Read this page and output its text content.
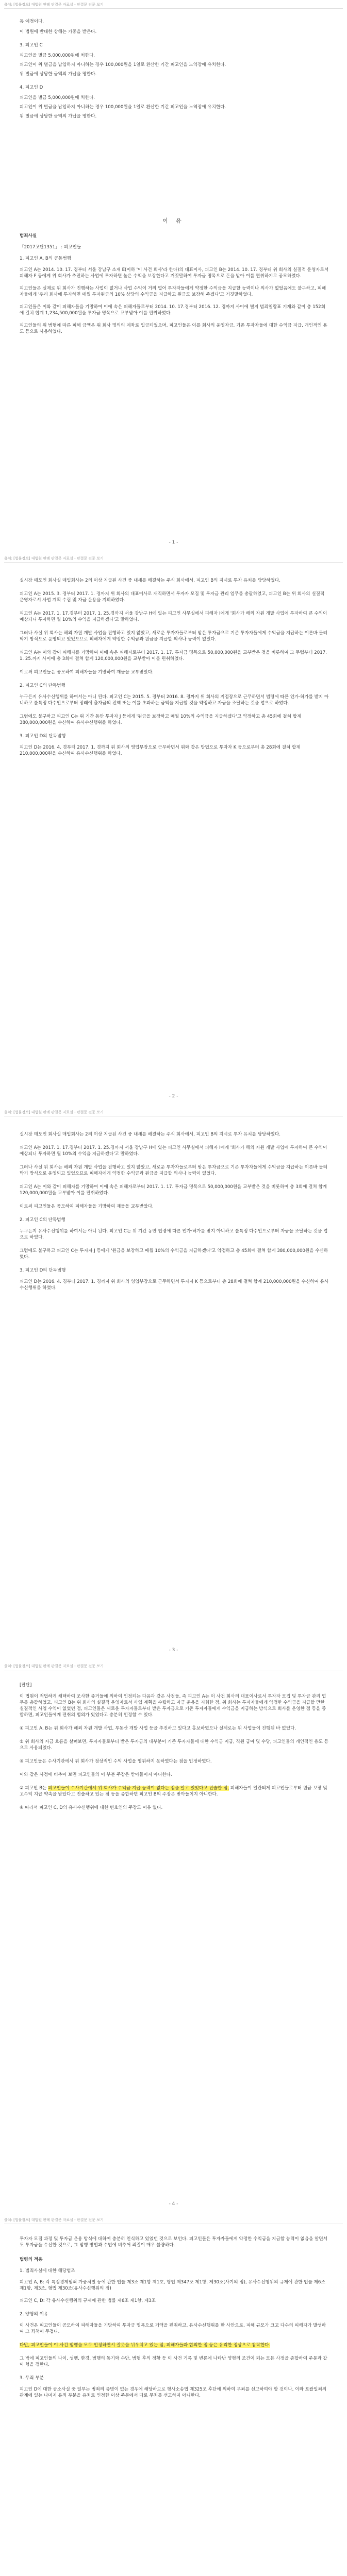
출처: [법률정보] 대법원 판례 판결문 자료실 - 판결문 전문 보기
동 예정이다.
이 법원에 반대한 상해는 가중을 받은다.
3. 피고인 C
피고인을 벌금 5,000,000원에 처한다.
피고인이 위 벌금을 납입하지 아니하는 경우 100,000원을 1일로 환산한 기간 피고인을 노역장에 유치한다.
위 벌금에 상당한 금액의 가납을 명한다.
4. 피고인 D
피고인을 벌금 5,000,000원에 처한다.
피고인이 위 벌금을 납입하지 아니하는 경우 100,000원을 1일로 환산한 기간 피고인을 노역장에 유치한다.
위 벌금에 상당한 금액의 가납을 명한다.
이 유
범죄사실
「2017고단1351」 : 피고인들
1. 피고인 A, B의 공동범행
피고인 A는 2014. 10. 17. 경부터 서울 강남구 소재 E(이하 '이 사건 회사'라 한다)의 대표이사, 피고인 B는 2014. 10. 17. 경부터 위 회사의 실질적 운영자로서 피해자 F 등에게 위 회사가 추진하는 사업에 투자하면 높은 수익을 보장한다고 거짓말하여 투자금 명목으로 돈을 받아 이를 편취하기로 공모하였다.
피고인들은 실제로 위 회사가 진행하는 사업이 없거나 사업 수익이 거의 없어 투자자들에게 약정한 수익금을 지급할 능력이나 의사가 없었음에도 불구하고, 피해자들에게 '우리 회사에 투자하면 매월 투자원금의 10% 상당의 수익금을 지급하고 원금도 보장해 주겠다'고 거짓말하였다.
피고인들은 이와 같이 피해자들을 기망하여 이에 속은 피해자들로부터 2014. 10. 17.경부터 2016. 12. 경까지 사이에 별지 범죄일람표 기재와 같이 총 152회에 걸쳐 합계 1,234,500,000원을 투자금 명목으로 교부받아 이를 편취하였다.
피고인들의 위 범행에 따른 피해 금액은 위 회사 명의의 계좌로 입금되었으며, 피고인들은 이를 회사의 운영자금, 기존 투자자들에 대한 수익금 지급, 개인적인 용도 등으로 사용하였다.
- 1 -
출처: [법률정보] 대법원 판례 판결문 자료실 - 판결문 전문 보기
실시장 매도인 회사실 매입회사는 2의 이상 지급된 사건 중 내세를 해결하는 주식 회사에서, 피고인 B의 지시로 투자 유치를 담당하였다.
피고인 A는 2015. 3. 경부터 2017. 1. 경까지 위 회사의 대표이사로 재직하면서 투자자 모집 및 투자금 관리 업무를 총괄하였고, 피고인 B는 위 회사의 실질적 운영자로서 사업 계획 수립 및 자금 운용을 지휘하였다.
피고인 A는 2017. 1. 17.경부터 2017. 1. 25.경까지 서울 강남구 H에 있는 피고인 사무실에서 피해자 I에게 '회사가 해외 자원 개발 사업에 투자하여 큰 수익이 예상되니 투자하면 월 10%의 수익을 지급하겠다'고 말하였다.
그러나 사실 위 회사는 해외 자원 개발 사업을 진행하고 있지 않았고, 새로운 투자자들로부터 받은 투자금으로 기존 투자자들에게 수익금을 지급하는 이른바 돌려막기 방식으로 운영되고 있었으므로 피해자에게 약정한 수익금과 원금을 지급할 의사나 능력이 없었다.
피고인 A는 이와 같이 피해자를 기망하여 이에 속은 피해자로부터 2017. 1. 17. 투자금 명목으로 50,000,000원을 교부받은 것을 비롯하여 그 무렵부터 2017. 1. 25.까지 사이에 총 3회에 걸쳐 합계 120,000,000원을 교부받아 이를 편취하였다.
이로써 피고인들은 공모하여 피해자들을 기망하여 재물을 교부받았다.
2. 피고인 C의 단독범행
누구든지 유사수신행위를 하여서는 아니 된다. 피고인 C는 2015. 5. 경부터 2016. 8. 경까지 위 회사의 지점장으로 근무하면서 법령에 따른 인가·허가를 받지 아니하고 불특정 다수인으로부터 장래에 출자금의 전액 또는 이를 초과하는 금액을 지급할 것을 약정하고 자금을 조달하는 것을 업으로 하였다.
그럼에도 불구하고 피고인 C는 위 기간 동안 투자자 J 등에게 '원금을 보장하고 매월 10%의 수익금을 지급하겠다'고 약정하고 총 45회에 걸쳐 합계 380,000,000원을 수신하여 유사수신행위를 하였다.
3. 피고인 D의 단독범행
피고인 D는 2016. 4. 경부터 2017. 1. 경까지 위 회사의 영업부장으로 근무하면서 위와 같은 방법으로 투자자 K 등으로부터 총 28회에 걸쳐 합계 210,000,000원을 수신하여 유사수신행위를 하였다.
- 2 -
출처: [법률정보] 대법원 판례 판결문 자료실 - 판결문 전문 보기
실시장 매도인 회사실 매입회사는 2의 이상 지급된 사건 중 내세를 해결하는 주식 회사에서, 피고인 B의 지시로 투자 유치를 담당하였다.
피고인 A는 2017. 1. 17.경부터 2017. 1. 25.경까지 서울 강남구 H에 있는 피고인 사무실에서 피해자 I에게 '회사가 해외 자원 개발 사업에 투자하여 큰 수익이 예상되니 투자하면 월 10%의 수익을 지급하겠다'고 말하였다.
그러나 사실 위 회사는 해외 자원 개발 사업을 진행하고 있지 않았고, 새로운 투자자들로부터 받은 투자금으로 기존 투자자들에게 수익금을 지급하는 이른바 돌려막기 방식으로 운영되고 있었으므로 피해자에게 약정한 수익금과 원금을 지급할 의사나 능력이 없었다.
피고인 A는 이와 같이 피해자를 기망하여 이에 속은 피해자로부터 2017. 1. 17. 투자금 명목으로 50,000,000원을 교부받은 것을 비롯하여 총 3회에 걸쳐 합계 120,000,000원을 교부받아 이를 편취하였다.
이로써 피고인들은 공모하여 피해자들을 기망하여 재물을 교부받았다.
2. 피고인 C의 단독범행
누구든지 유사수신행위를 하여서는 아니 된다. 피고인 C는 위 기간 동안 법령에 따른 인가·허가를 받지 아니하고 불특정 다수인으로부터 자금을 조달하는 것을 업으로 하였다.
그럼에도 불구하고 피고인 C는 투자자 J 등에게 '원금을 보장하고 매월 10%의 수익금을 지급하겠다'고 약정하고 총 45회에 걸쳐 합계 380,000,000원을 수신하였다.
3. 피고인 D의 단독범행
피고인 D는 2016. 4. 경부터 2017. 1. 경까지 위 회사의 영업부장으로 근무하면서 투자자 K 등으로부터 총 28회에 걸쳐 합계 210,000,000원을 수신하여 유사수신행위를 하였다.
- 3 -
출처: [법률정보] 대법원 판례 판결문 자료실 - 판결문 전문 보기
[판단]
이 법원이 적법하게 채택하여 조사한 증거들에 의하여 인정되는 다음과 같은 사정들, 즉 피고인 A는 이 사건 회사의 대표이사로서 투자자 모집 및 투자금 관리 업무를 총괄하였고, 피고인 B는 위 회사의 실질적 운영자로서 사업 계획을 수립하고 자금 운용을 지휘한 점, 위 회사는 투자자들에게 약정한 수익금을 지급할 만한 실질적인 사업 수익이 없었던 점, 피고인들은 새로운 투자자들로부터 받은 투자금으로 기존 투자자들에게 수익금을 지급하는 방식으로 회사를 운영한 점 등을 종합하면, 피고인들에게 편취의 범의가 있었다고 충분히 인정할 수 있다.
① 피고인 A, B는 위 회사가 해외 자원 개발 사업, 부동산 개발 사업 등을 추진하고 있다고 홍보하였으나 실제로는 위 사업들이 진행된 바 없었다.
② 위 회사의 자금 흐름을 살펴보면, 투자자들로부터 받은 투자금의 대부분이 기존 투자자들에 대한 수익금 지급, 직원 급여 및 수당, 피고인들의 개인적인 용도 등으로 사용되었다.
③ 피고인들은 수사기관에서 위 회사가 정상적인 수익 사업을 영위하지 못하였다는 점을 인정하였다.
이와 같은 사정에 비추어 보면 피고인들의 이 부분 주장은 받아들이지 아니한다.
② 피고인 B는 피고인들이 수사기관에서 위 회사가 수익금 지급 능력이 없다는 점을 알고 있었다고 진술한 점, 피해자들이 일관되게 피고인들로부터 원금 보장 및 고수익 지급 약속을 받았다고 진술하고 있는 점 등을 종합하면 피고인 B의 주장은 받아들이지 아니한다.
④ 따라서 피고인 C, D의 유사수신행위에 대한 변호인의 주장도 이유 없다.
- 4 -
출처: [법률정보] 대법원 판례 판결문 자료실 - 판결문 전문 보기
투자자 모집 과정 및 투자금 운용 방식에 대하여 충분히 인식하고 있었던 것으로 보인다. 피고인들은 투자자들에게 약정한 수익금을 지급할 능력이 없음을 알면서도 투자금을 수신한 것으로, 그 범행 방법과 수법에 비추어 죄질이 매우 불량하다.
법령의 적용
1. 범죄사실에 대한 해당법조
피고인 A, B: 각 특정경제범죄 가중처벌 등에 관한 법률 제3조 제1항 제1호, 형법 제347조 제1항, 제30조(사기의 점), 유사수신행위의 규제에 관한 법률 제6조 제1항, 제3조, 형법 제30조(유사수신행위의 점)
피고인 C, D: 각 유사수신행위의 규제에 관한 법률 제6조 제1항, 제3조
2. 양형의 이유
이 사건은 피고인들이 공모하여 피해자들을 기망하여 투자금 명목으로 거액을 편취하고, 유사수신행위를 한 사안으로, 피해 규모가 크고 다수의 피해자가 발생하여 그 죄책이 무겁다.
다만, 피고인들이 이 사건 범행을 모두 인정하면서 잘못을 뉘우치고 있는 점, 피해자들과 합의한 점 등은 유리한 정상으로 참작한다.
그 밖에 피고인들의 나이, 성행, 환경, 범행의 동기와 수단, 범행 후의 정황 등 이 사건 기록 및 변론에 나타난 양형의 조건이 되는 모든 사정을 종합하여 주문과 같이 형을 정한다.
3. 무죄 부분
피고인 D에 대한 공소사실 중 일부는 범죄의 증명이 없는 경우에 해당하므로 형사소송법 제325조 후단에 의하여 무죄를 선고하여야 할 것이나, 이와 포괄일죄의 관계에 있는 나머지 유죄 부분을 유죄로 인정한 이상 주문에서 따로 무죄를 선고하지 아니한다.
